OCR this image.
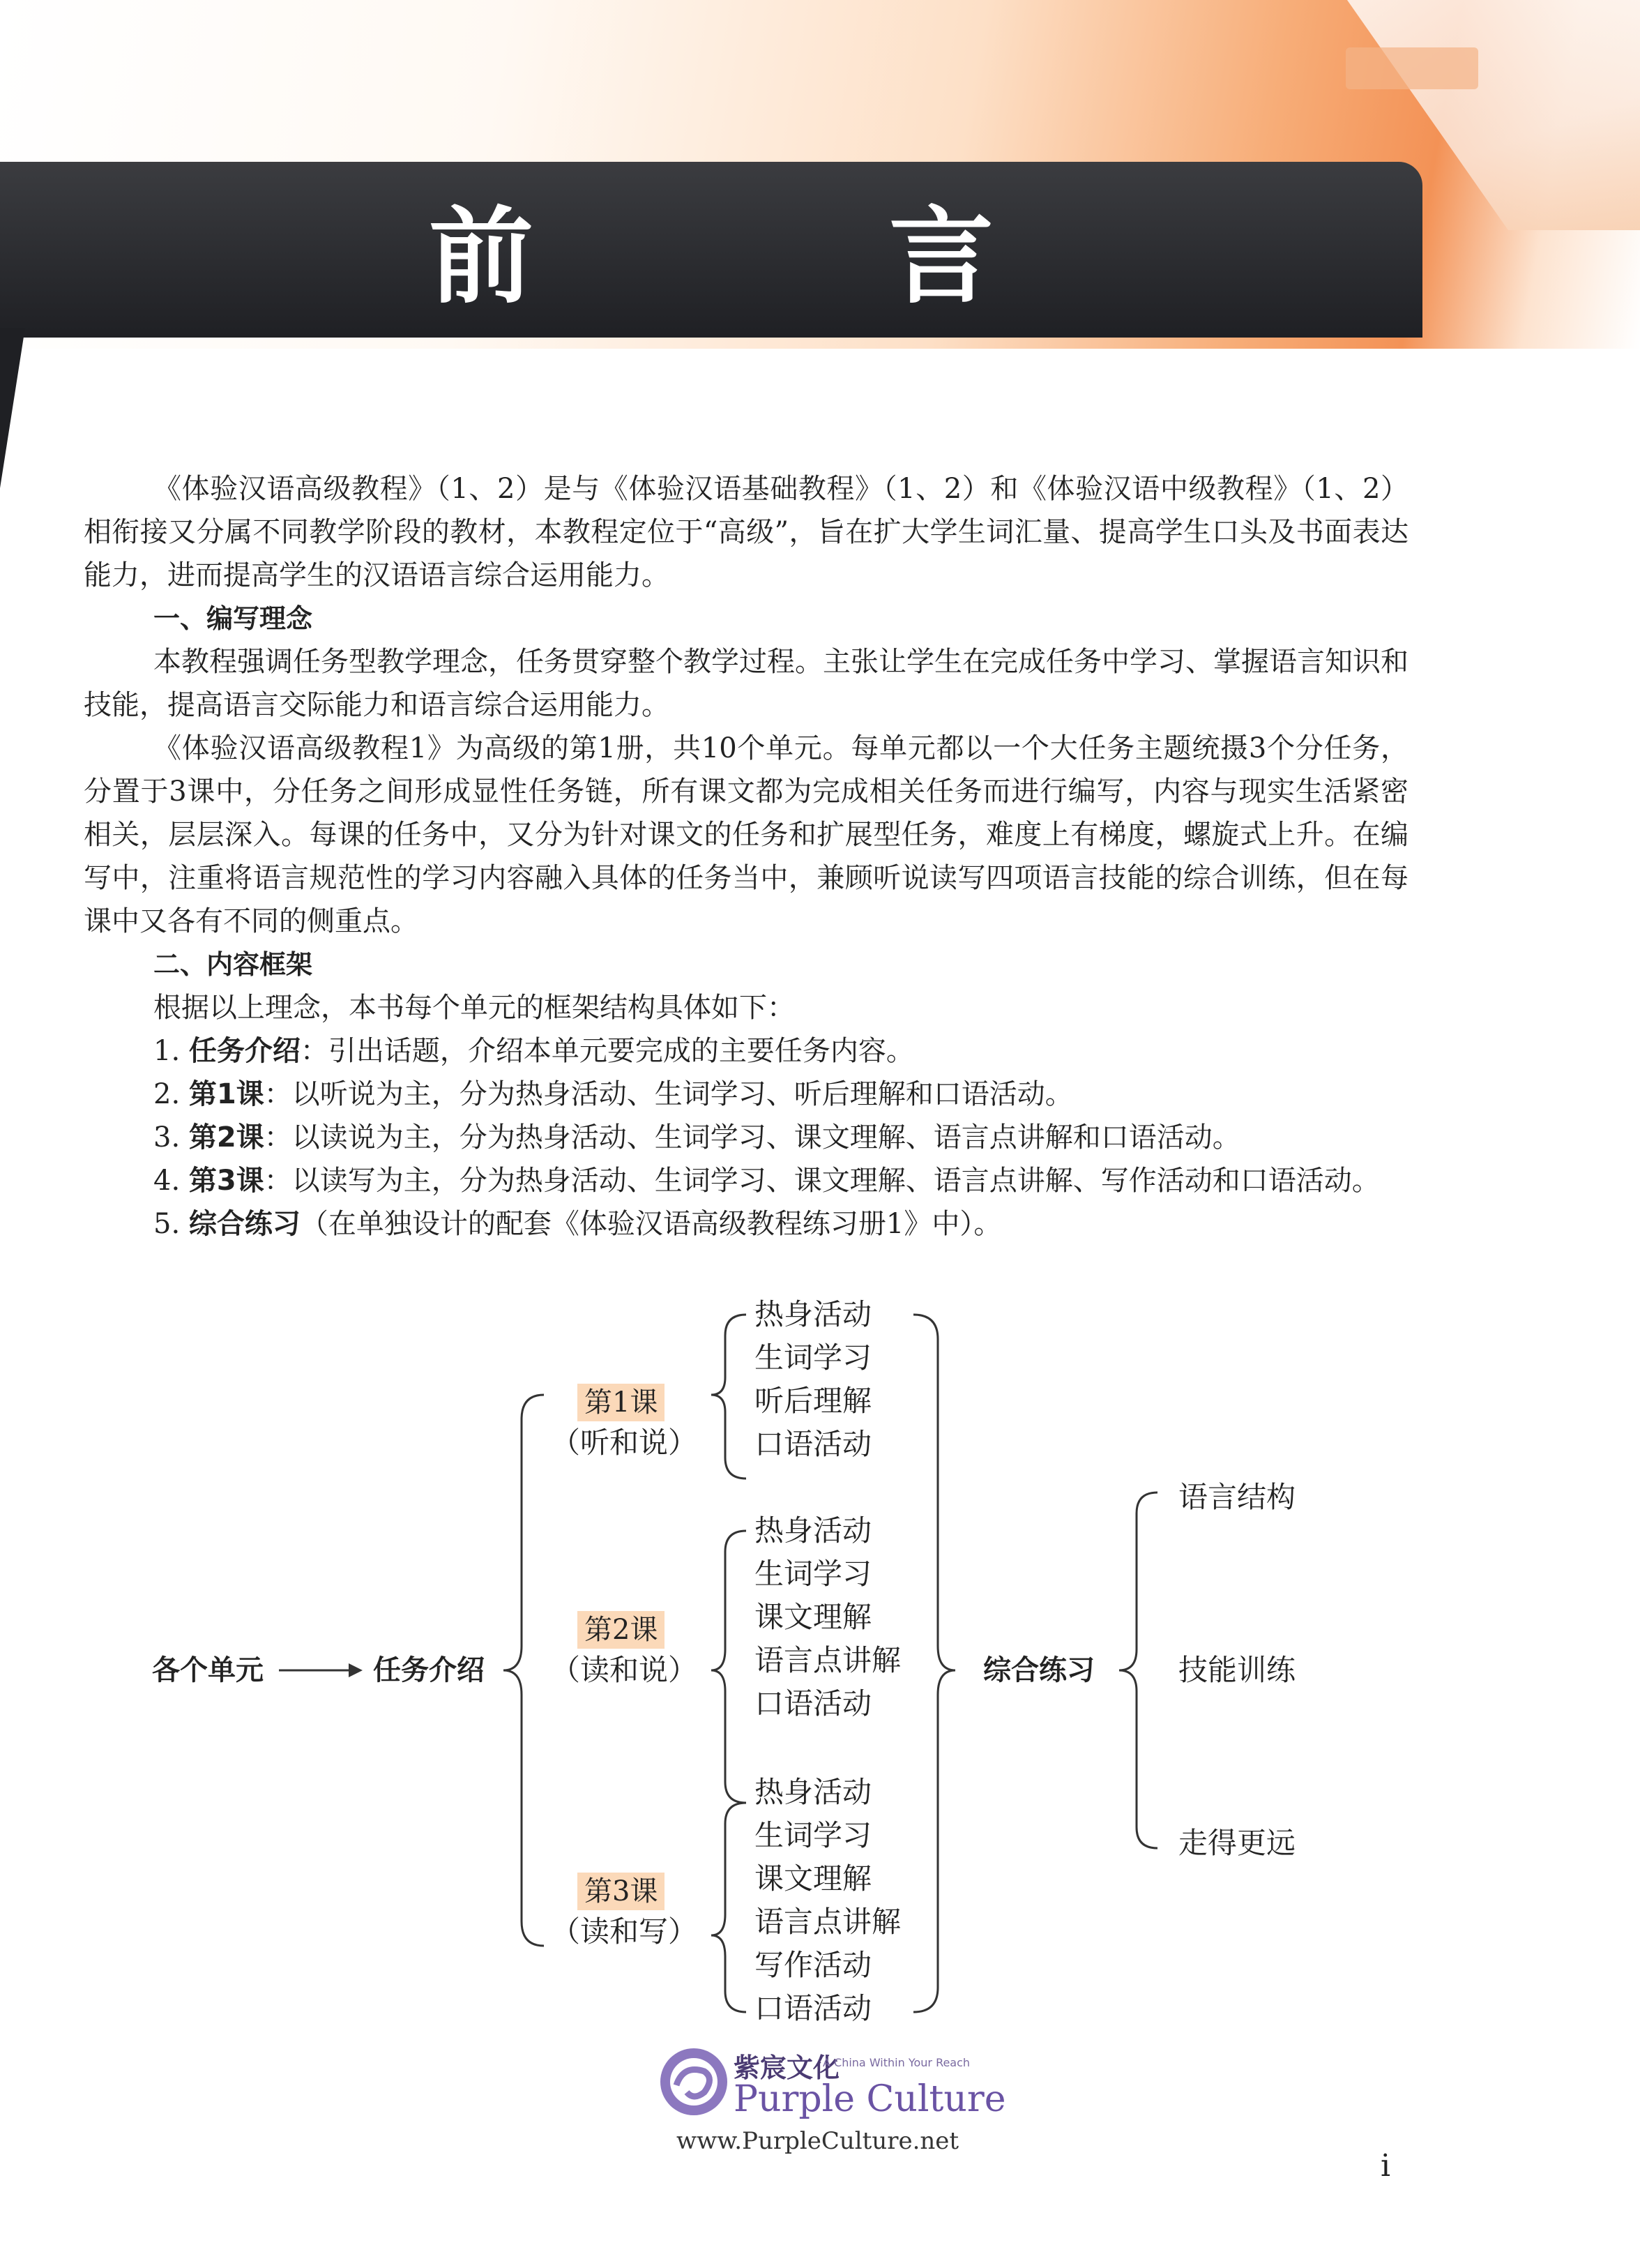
前　言

《体验汉语高级教程》（1、2）是与《体验汉语基础教程》（1、2）和《体验汉语中级教程》（1、2）相衔接又分属不同教学阶段的教材，本教程定位于“高级”，旨在扩大学生词汇量、提高学生口头及书面表达能力，进而提高学生的汉语语言综合运用能力。

一、编写理念

本教程强调任务型教学理念，任务贯穿整个教学过程。主张让学生在完成任务中学习、掌握语言知识和技能，提高语言交际能力和语言综合运用能力。

《体验汉语高级教程1》为高级的第1册，共10个单元。每单元都以一个大任务主题统摄3个分任务，分置于3课中，分任务之间形成显性任务链，所有课文都为完成相关任务而进行编写，内容与现实生活紧密相关，层层深入。每课的任务中，又分为针对课文的任务和扩展型任务，难度上有梯度，螺旋式上升。在编写中，注重将语言规范性的学习内容融入具体的任务当中，兼顾听说读写四项语言技能的综合训练，但在每课中又各有不同的侧重点。

二、内容框架

根据以上理念，本书每个单元的框架结构具体如下：

1. 任务介绍：引出话题，介绍本单元要完成的主要任务内容。

2. 第1课：以听说为主，分为热身活动、生词学习、听后理解和口语活动。

3. 第2课：以读说为主，分为热身活动、生词学习、课文理解、语言点讲解和口语活动。

4. 第3课：以读写为主，分为热身活动、生词学习、课文理解、语言点讲解、写作活动和口语活动。

5. 综合练习（在单独设计的配套《体验汉语高级教程练习册1》中）。

各个单元	任务介绍
第1课
（听和说）
热身活动
生词学习
听后理解
口语活动
第2课
（读和说）
热身活动
生词学习
课文理解
语言点讲解
口语活动
第3课
（读和写）
热身活动
生词学习
课文理解
语言点讲解
写作活动
口语活动
综合练习
语言结构
技能训练
走得更远
紫宸文化
A China Within Your Reach
Purple Culture
www.PurpleCulture.net
i
